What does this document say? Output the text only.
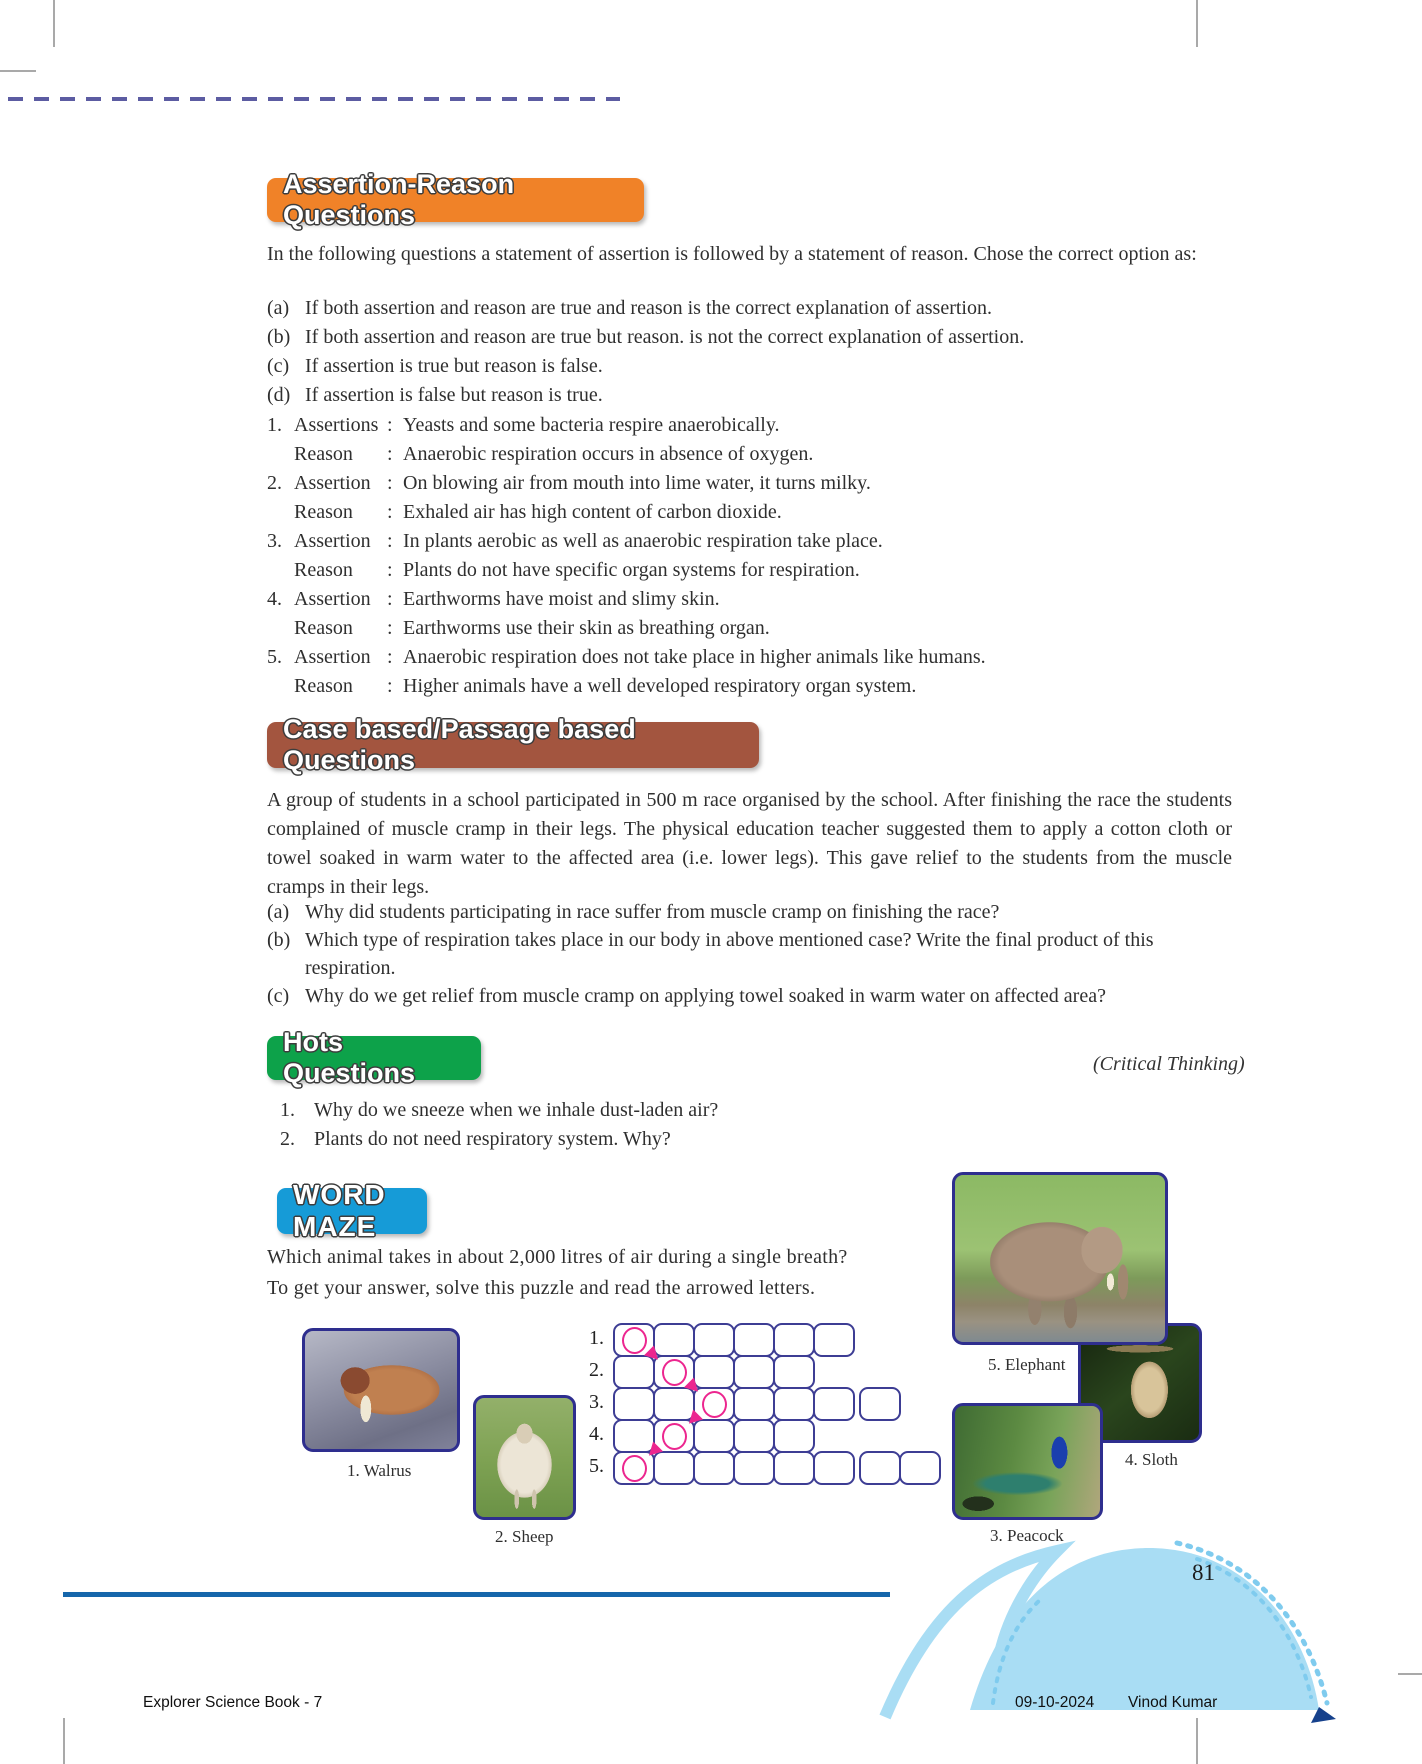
Assertion-Reason Questions
In the following questions a statement of assertion is followed by a statement of reason. Chose the correct option as:
(a) If both assertion and reason are true and reason is the correct explanation of assertion.
(b) If both assertion and reason are true but reason. is not the correct explanation of assertion.
(c) If assertion is true but reason is false.
(d) If assertion is false but reason is true.
1. Assertions : Yeasts and some bacteria respire anaerobically.
Reason	: Anaerobic respiration occurs in absence of oxygen.
2. Assertion : On blowing air from mouth into lime water, it turns milky.
Reason	: Exhaled air has high content of carbon dioxide.
3. Assertion : In plants aerobic as well as anaerobic respiration take place.
Reason	: Plants do not have specific organ systems for respiration.
4. Assertion : Earthworms have moist and slimy skin.
Reason	: Earthworms use their skin as breathing organ.
5. Assertion : Anaerobic respiration does not take place in higher animals like humans.
Reason	: Higher animals have a well developed respiratory organ system.
Case based/Passage based Questions
A group of students in a school participated in 500 m race organised by the school. After finishing the race the students complained of muscle cramp in their legs. The physical education teacher suggested them to apply a cotton cloth or towel soaked in warm water to the affected area (i.e. lower legs). This gave relief to the students from the muscle cramps in their legs.
(a) Why did students participating in race suffer from muscle cramp on finishing the race?
(b) Which type of respiration takes place in our body in above mentioned case? Write the final product of this respiration.
(c) Why do we get relief from muscle cramp on applying towel soaked in warm water on affected area?
Hots Questions	(Critical Thinking)
1. Why do we sneeze when we inhale dust-laden air?
2. Plants do not need respiratory system. Why?
WORD MAZE
Which animal takes in about 2,000 litres of air during a single breath?
To get your answer, solve this puzzle and read the arrowed letters.
1.
2.
3.
4.
5.
1. Walrus
2. Sheep	3. Peacock
4. Sloth
5. Elephant
81
Explorer Science Book - 7	09-10-2024 Vinod Kumar
